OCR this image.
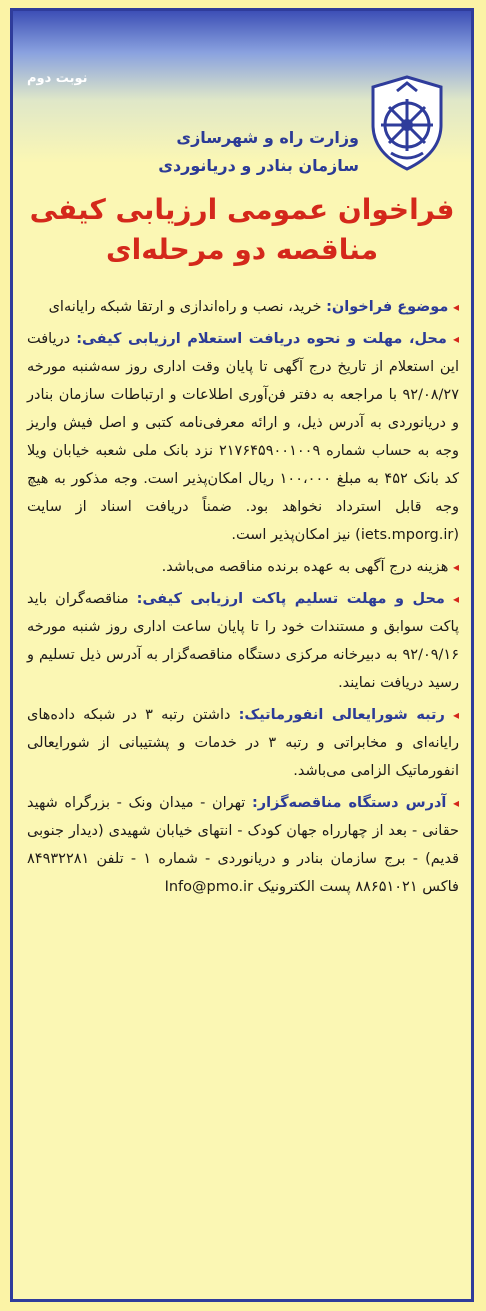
نوبت دوم
وزارت راه و شهرسازی
سازمان بنادر و دریانوردی
فراخوان عمومی ارزیابی کیفی
مناقصه دو مرحله‌ای

◂ موضوع فراخوان: خرید، نصب و راه‌اندازی و ارتقا شبکه رایانه‌ای

◂ محل، مهلت و نحوه دریافت استعلام ارزیابی کیفی: دریافت این استعلام از تاریخ درج آگهی تا پایان وقت اداری روز سه‌شنبه مورخه ۹۲/۰۸/۲۷ با مراجعه به دفتر فن‌آوری اطلاعات و ارتباطات سازمان بنادر و دریانوردی به آدرس ذیل، و ارائه معرفی‌نامه کتبی و اصل فیش واریز وجه به حساب شماره ۲۱۷۶۴۵۹۰۰۱۰۰۹ نزد بانک ملی شعبه خیابان ویلا کد بانک ۴۵۲ به مبلغ ۱۰۰،۰۰۰ ریال امکان‌پذیر است. وجه مذکور به هیچ وجه قابل استرداد نخواهد بود. ضمناً دریافت اسناد از سایت (iets.mporg.ir) نیز امکان‌پذیر است.

◂ هزینه درج آگهی به عهده برنده مناقصه می‌باشد.

◂ محل و مهلت تسلیم پاکت ارزیابی کیفی: مناقصه‌گران باید پاکت سوابق و مستندات خود را تا پایان ساعت اداری روز شنبه مورخه ۹۲/۰۹/۱۶ به دبیرخانه مرکزی دستگاه مناقصه‌گزار به آدرس ذیل تسلیم و رسید دریافت نمایند.

◂ رتبه شورایعالی انفورماتیک: داشتن رتبه ۳ در شبکه داده‌های رایانه‌ای و مخابراتی و رتبه ۳ در خدمات و پشتیبانی از شورایعالی انفورماتیک الزامی می‌باشد.

◂ آدرس دستگاه مناقصه‌گزار: تهران - میدان ونک - بزرگراه شهید حقانی - بعد از چهارراه جهان کودک - انتهای خیابان شهیدی (دیدار جنوبی قدیم) - برج سازمان بنادر و دریانوردی - شماره ۱ - تلفن ۸۴۹۳۲۲۸۱ فاکس ۸۸۶۵۱۰۲۱ پست الکترونیک Info@pmo.ir
